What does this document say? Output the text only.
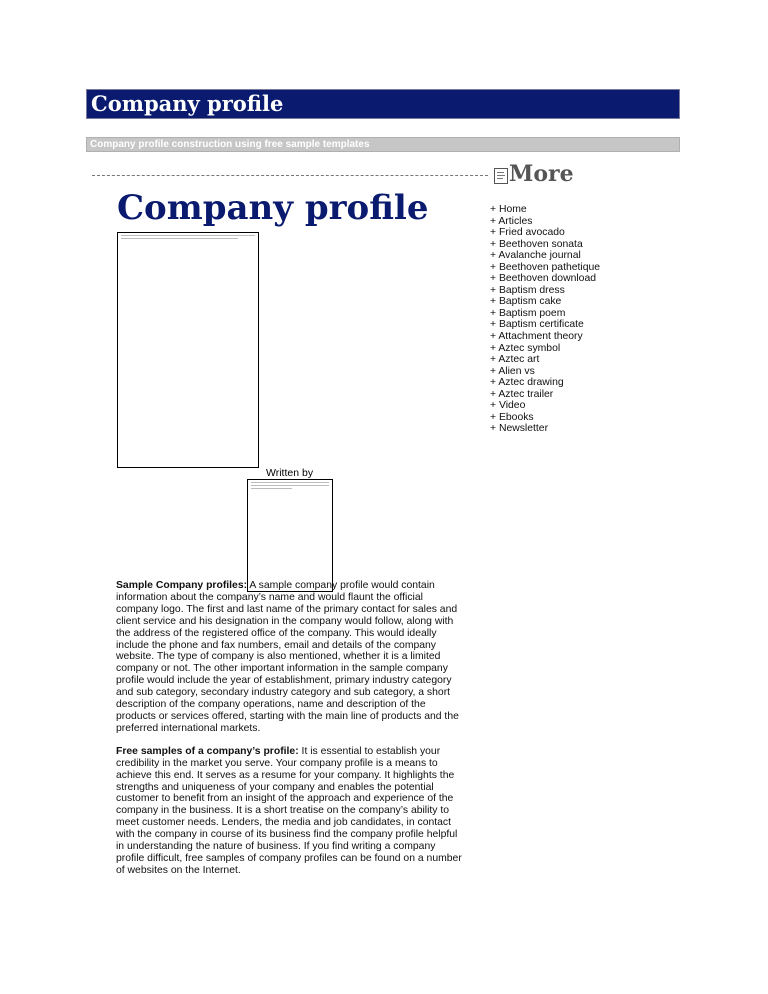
Company profile
Company profile construction using free sample templates
More
+ Home
+ Articles
+ Fried avocado
+ Beethoven sonata
+ Avalanche journal
+ Beethoven pathetique
+ Beethoven download
+ Baptism dress
+ Baptism cake
+ Baptism poem
+ Baptism certificate
+ Attachment theory
+ Aztec symbol
+ Aztec art
+ Alien vs
+ Aztec drawing
+ Aztec trailer
+ Video
+ Ebooks
+ Newsletter
Company profile
Written by

Sample Company profiles: A sample company profile would contain information about the company’s name and would flaunt the official company logo. The first and last name of the primary contact for sales and client service and his designation in the company would follow, along with the address of the registered office of the company. This would ideally include the phone and fax numbers, email and details of the company website. The type of company is also mentioned, whether it is a limited company or not. The other important information in the sample company profile would include the year of establishment, primary industry category and sub category, secondary industry category and sub category, a short description of the company operations, name and description of the products or services offered, starting with the main line of products and the preferred international markets.

Free samples of a company’s profile: It is essential to establish your credibility in the market you serve. Your company profile is a means to achieve this end. It serves as a resume for your company. It highlights the strengths and uniqueness of your company and enables the potential customer to benefit from an insight of the approach and experience of the company in the business. It is a short treatise on the company’s ability to meet customer needs. Lenders, the media and job candidates, in contact with the company in course of its business find the company profile helpful in understanding the nature of business. If you find writing a company profile difficult, free samples of company profiles can be found on a number of websites on the Internet.
